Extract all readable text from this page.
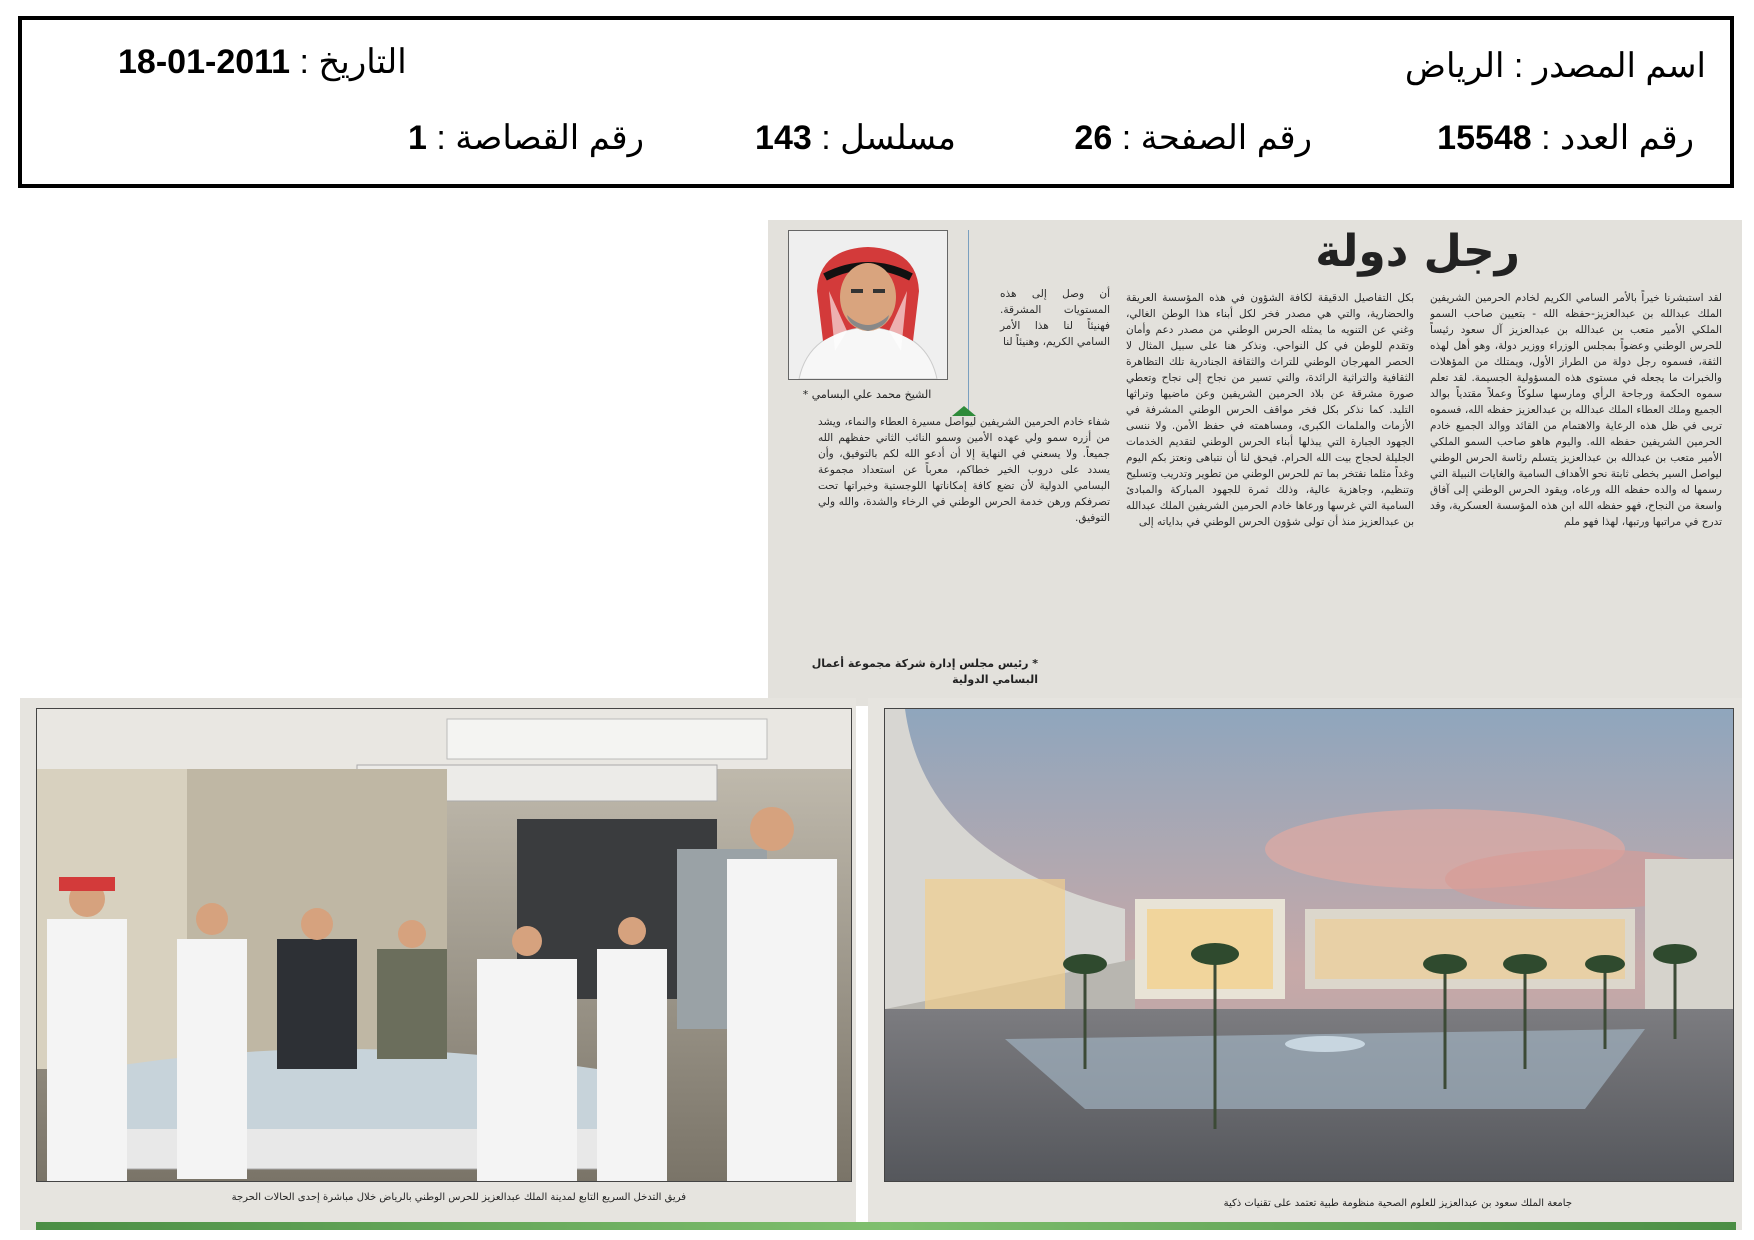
اسم المصدر : الرياض
التاريخ : 2011-01-18
رقم العدد : 15548
رقم الصفحة : 26
مسلسل : 143
رقم القصاصة : 1
رجل دولة
لقد استبشرنا خيراً بالأمر السامي الكريم لخادم الحرمين الشريفين الملك عبدالله بن عبدالعزيز-حفظه الله - بتعيين صاحب السمو الملكي الأمير متعب بن عبدالله بن عبدالعزيز آل سعود رئيساً للحرس الوطني وعضواً بمجلس الوزراء ووزير دولة، وهو أهل لهذه الثقة، فسموه رجل دولة من الطراز الأول، ويمتلك من المؤهلات والخبرات ما يجعله في مستوى هذه المسؤولية الجسيمة. لقد تعلم سموه الحكمة ورجاحة الرأي ومارسها سلوكاً وعملاً مقتدياً بوالد الجميع وملك العطاء الملك عبدالله بن عبدالعزيز حفظه الله، فسموه تربى في ظل هذه الرعاية والاهتمام من القائد ووالد الجميع خادم الحرمين الشريفين حفظه الله. واليوم هاهو صاحب السمو الملكي الأمير متعب بن عبدالله بن عبدالعزيز يتسلم رئاسة الحرس الوطني ليواصل السير بخطى ثابتة نحو الأهداف السامية والغايات النبيلة التي رسمها له والده حفظه الله ورعاه، ويقود الحرس الوطني إلى آفاق واسعة من النجاح، فهو حفظه الله ابن هذه المؤسسة العسكرية، وقد تدرج في مراتبها ورتبها، لهذا فهو ملم
بكل التفاصيل الدقيقة لكافة الشؤون في هذه المؤسسة العريقة والحضارية، والتي هي مصدر فخر لكل أبناء هذا الوطن الغالي، وغني عن التنويه ما يمثله الحرس الوطني من مصدر دعم وأمان وتقدم للوطن في كل النواحي. ونذكر هنا على سبيل المثال لا الحصر المهرجان الوطني للتراث والثقافة الجنادرية تلك التظاهرة الثقافية والتراثية الرائدة، والتي تسير من نجاح إلى نجاح وتعطي صورة مشرقة عن بلاد الحرمين الشريفين وعن ماضيها وتراثها التليد. كما نذكر بكل فخر مواقف الحرس الوطني المشرفة في الأزمات والملمات الكبرى، ومساهمته في حفظ الأمن. ولا ننسى الجهود الجبارة التي يبذلها أبناء الحرس الوطني لتقديم الخدمات الجليلة لحجاج بيت الله الحرام. فيحق لنا أن نتباهى ونعتز بكم اليوم وغداً مثلما نفتخر بما تم للحرس الوطني من تطوير وتدريب وتسليح وتنظيم، وجاهزية عالية، وذلك ثمرة للجهود المباركة والمبادئ السامية التي غرسها ورعاها خادم الحرمين الشريفين الملك عبدالله بن عبدالعزيز منذ أن تولى شؤون الحرس الوطني في بداياته إلى
أن وصل إلى هذه المستويات المشرقة. فهنيئاً لنا هذا الأمر السامي الكريم، وهنيئاً لنا
شفاء خادم الحرمين الشريفين ليواصل مسيرة العطاء والنماء، ويشد من أزره سمو ولي عهده الأمين وسمو النائب الثاني حفظهم الله جميعاً. ولا يسعني في النهاية إلا أن أدعو الله لكم بالتوفيق، وأن يسدد على دروب الخير خطاكم، معرباً عن استعداد مجموعة البسامي الدولية لأن تضع كافة إمكاناتها اللوجستية وخبراتها تحت تصرفكم ورهن خدمة الحرس الوطني في الرخاء والشدة، والله ولي التوفيق.
الشيخ محمد علي البسامي *
* رئيس مجلس إدارة شركة مجموعة أعمال البسامي الدولية
فريق التدخل السريع التابع لمدينة الملك عبدالعزيز للحرس الوطني بالرياض خلال مباشرة إحدى الحالات الحرجة
جامعة الملك سعود بن عبدالعزيز للعلوم الصحية منظومة طبية تعتمد على تقنيات ذكية
